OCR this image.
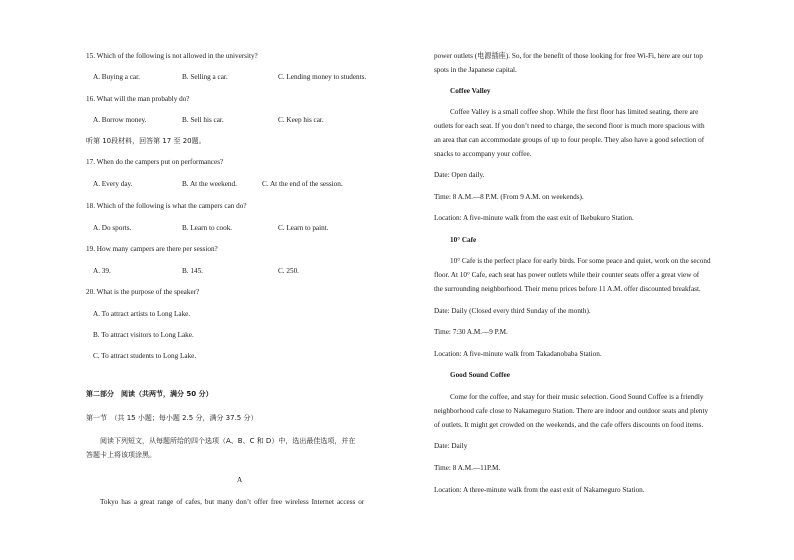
15. Which of the following is not allowed in the university?
A. Buying a car.	B. Selling a car.	C. Lending money to students.
16. What will the man probably do?
A. Borrow money.	B. Sell his car.	C. Keep his car.
听第 10段材料，回答第 17 至 20题。
17. When do the campers put on performances?
A. Every day.	B. At the weekend.	C. At the end of the session.
18. Which of the following is what the campers can do?
A. Do sports.	B. Learn to cook.	C. Learn to paint.
19. How many campers are there per session?
A. 39.	B. 145.	C. 250.
20. What is the purpose of the speaker?
A. To attract artists to Long Lake.
B. To attract visitors to Long Lake.
C. To attract students to Long Lake.
第二部分　阅读（共两节，满分 50 分）
第一节　（共 15 小题；每小题 2.5 分，满分 37.5 分）
阅读下列短文，从每题所给的四个选项（A、B、C 和 D）中，选出最佳选项，并在
答题卡上将该项涂黑。
A
Tokyo has a great range of cafes, but many don’t offer free wireless Internet access or
power outlets (电源插座). So, for the benefit of those looking for free Wi-Fi, here are our top
spots in the Japanese capital.
Coffee Valley
Coffee Valley is a small coffee shop. While the first floor has limited seating, there are
outlets for each seat. If you don’t need to charge, the second floor is much more spacious with
an area that can accommodate groups of up to four people. They also have a good selection of
snacks to accompany your coffee.
Date: Open daily.
Time: 8 A.M.—8 P.M. (From 9 A.M. on weekends).
Location: A five-minute walk from the east exit of Ikebukuro Station.
10° Cafe
10° Cafe is the perfect place for early birds. For some peace and quiet, work on the second
floor. At 10° Cafe, each seat has power outlets while their counter seats offer a great view of
the surrounding neighborhood. Their menu prices before 11 A.M. offer discounted breakfast.
Date: Daily (Closed every third Sunday of the month).
Time: 7:30 A.M.—9 P.M.
Location: A five-minute walk from Takadanobaba Station.
Good Sound Coffee
Come for the coffee, and stay for their music selection. Good Sound Coffee is a friendly
neighborhood cafe close to Nakameguro Station. There are indoor and outdoor seats and plenty
of outlets. It might get crowded on the weekends, and the cafe offers discounts on food items.
Date: Daily
Time: 8 A.M.—11P.M.
Location: A three-minute walk from the east exit of Nakameguro Station.
